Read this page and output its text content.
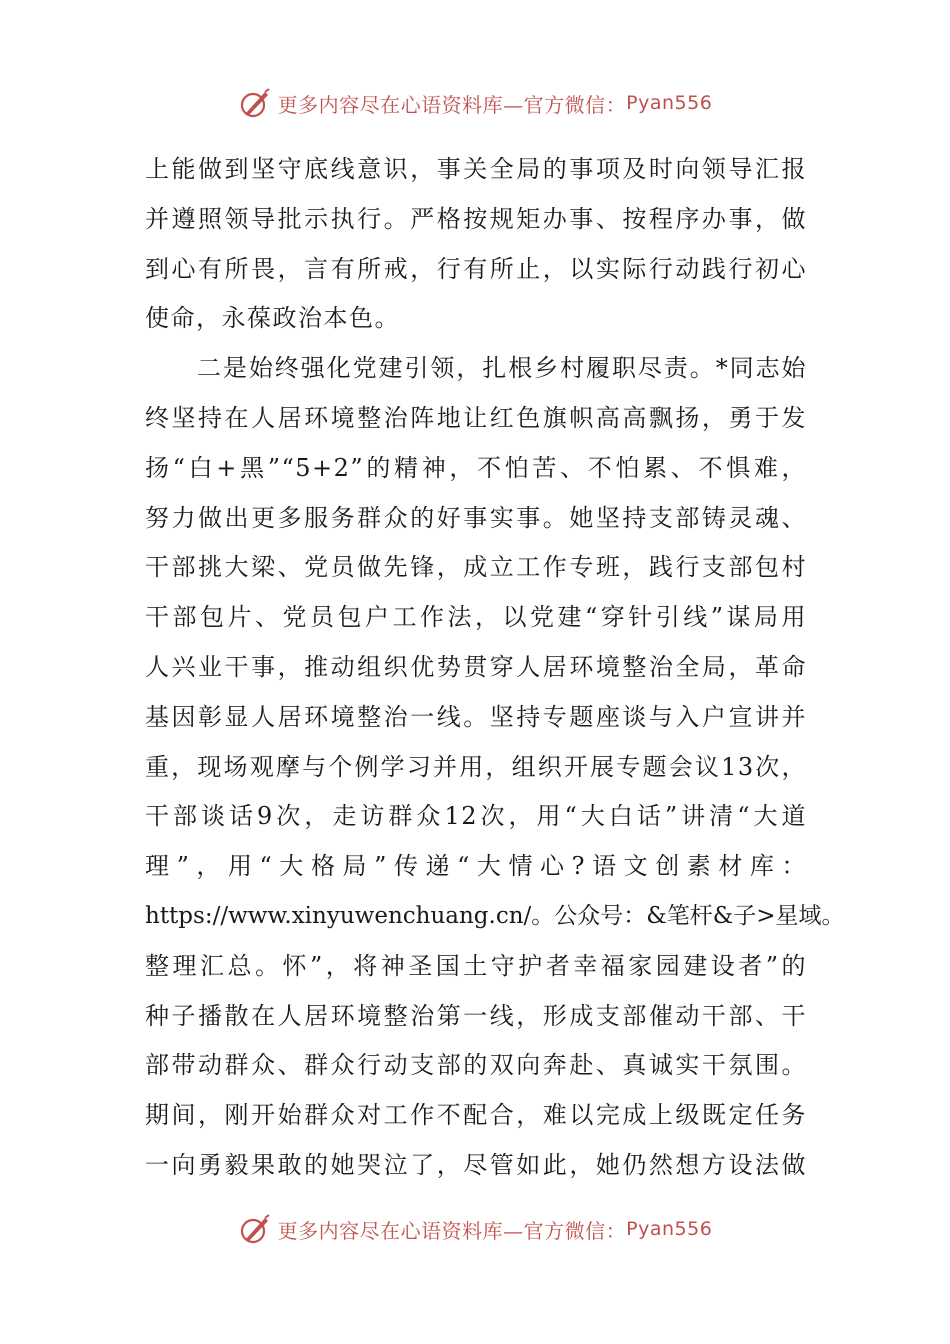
更多内容尽在心语资料库—官方微信： Pyan556
上能做到坚守底线意识，事关全局的事项及时向领导汇报
并遵照领导批示执行。严格按规矩办事、按程序办事，做
到心有所畏，言有所戒，行有所止，以实际行动践行初心
使命，永葆政治本色。
二是始终强化党建引领，扎根乡村履职尽责。*同志始
终坚持在人居环境整治阵地让红色旗帜高高飘扬，勇于发
扬“白+黑”“5+2”的精神，不怕苦、不怕累、不惧难，
努力做出更多服务群众的好事实事。她坚持支部铸灵魂、
干部挑大梁、党员做先锋，成立工作专班，践行支部包村
干部包片、党员包户工作法，以党建“穿针引线”谋局用
人兴业干事，推动组织优势贯穿人居环境整治全局，革命
基因彰显人居环境整治一线。坚持专题座谈与入户宣讲并
重，现场观摩与个例学习并用，组织开展专题会议13次，
干部谈话9次，走访群众12次，用“大白话”讲清“大道
理”，用“大格局”传递“大情心?语文创素材库：
https://www.xinyuwenchuang.cn/。公众号：&笔杆&子>星域。
整理汇总。怀”，将神圣国土守护者幸福家园建设者”的
种子播散在人居环境整治第一线，形成支部催动干部、干
部带动群众、群众行动支部的双向奔赴、真诚实干氛围。
期间，刚开始群众对工作不配合，难以完成上级既定任务
一向勇毅果敢的她哭泣了，尽管如此，她仍然想方设法做
更多内容尽在心语资料库—官方微信： Pyan556
